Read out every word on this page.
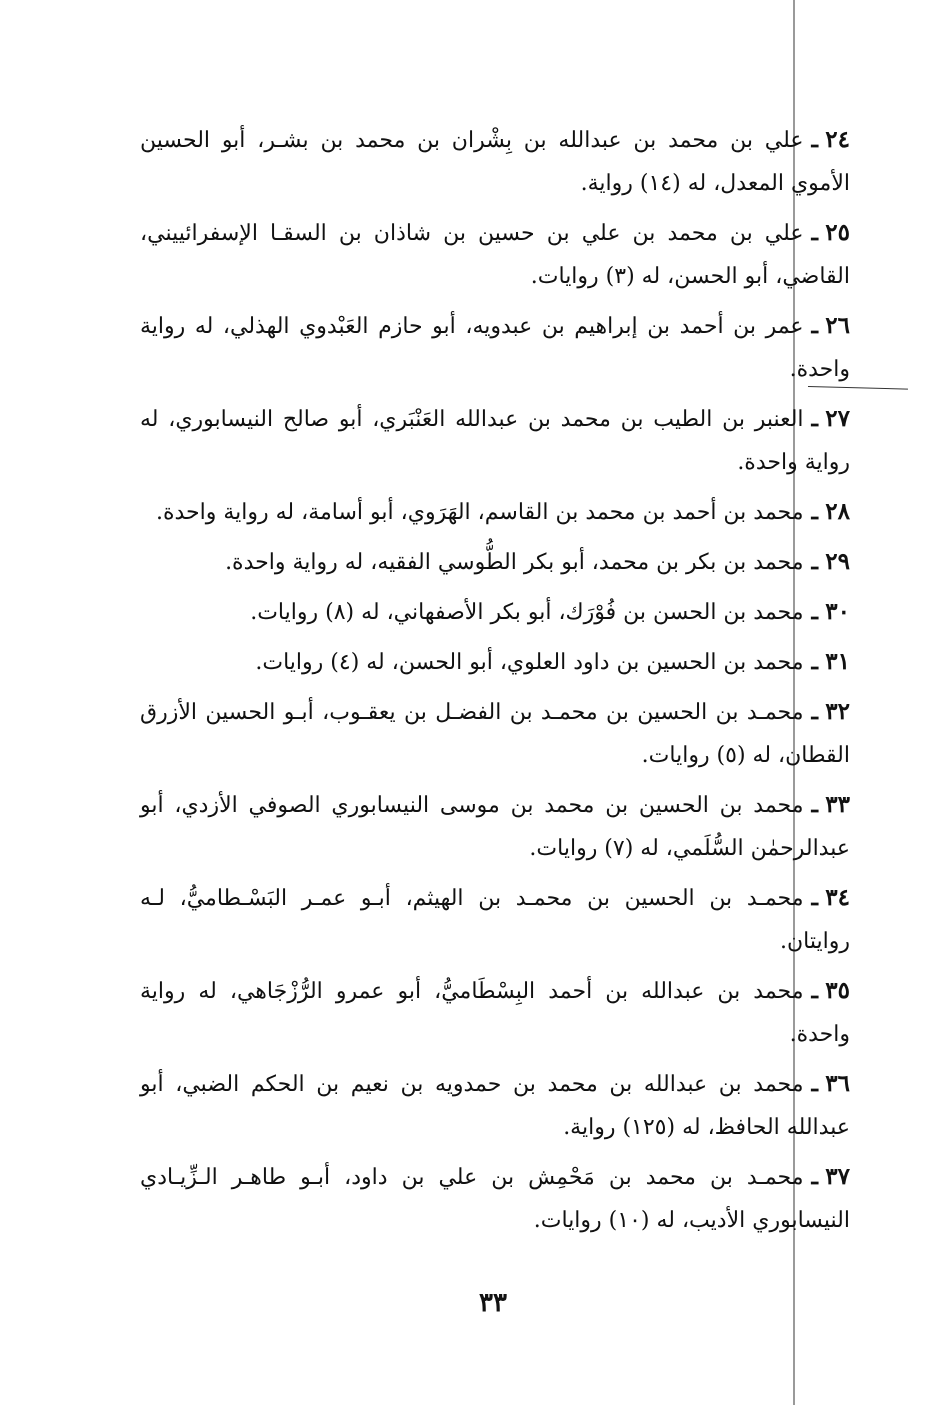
٢٤ـعلي بن محمد بن عبدالله بن بِشْران بن محمد بن بشـر، أبو الحسين الأموي المعدل، له (١٤) رواية.
٢٥ـعلي بن محمد بن علي بن حسين بن شاذان بن السقـا الإسفرائييني، القاضي، أبو الحسن، له (٣) روايات.
٢٦ـعمر بن أحمد بن إبراهيم بن عبدويه، أبو حازم العَبْدوي الهذلي، له رواية واحدة.
٢٧ـالعنبر بن الطيب بن محمد بن عبدالله العَنْبَري، أبو صالح النيسابوري، له رواية واحدة.
٢٨ـمحمد بن أحمد بن محمد بن القاسم، الهَرَوي، أبو أسامة، له رواية واحدة.
٢٩ـمحمد بن بكر بن محمد، أبو بكر الطُّوسي الفقيه، له رواية واحدة.
٣٠ـمحمد بن الحسن بن فُوْرَك، أبو بكر الأصفهاني، له (٨) روايات.
٣١ـمحمد بن الحسين بن داود العلوي، أبو الحسن، له (٤) روايات.
٣٢ـمحمـد بن الحسين بن محمـد بن الفضـل بن يعقـوب، أبـو الحسين الأزرق القطان، له (٥) روايات.
٣٣ـمحمد بن الحسين بن محمد بن موسى النيسابوري الصوفي الأزدي، أبو عبدالرحمٰن السُّلَمي، له (٧) روايات.
٣٤ـمحمـد بن الحسين بن محمـد بن الهيثم، أبـو عمـر البَسْـطاميُّ، لـه روايتان.
٣٥ـمحمد بن عبدالله بن أحمد البِسْطَاميُّ، أبو عمرو الرُّزْجَاهي، له رواية واحدة.
٣٦ـمحمد بن عبدالله بن محمد بن حمدويه بن نعيم بن الحكم الضبي، أبو عبدالله الحافظ، له (١٢٥) رواية.
٣٧ـمحمـد بن محمد بن مَحْمِش بن علي بن داود، أبـو طاهـر الـزِّيـادي النيسابوري الأديب، له (١٠) روايات.
٣٣
